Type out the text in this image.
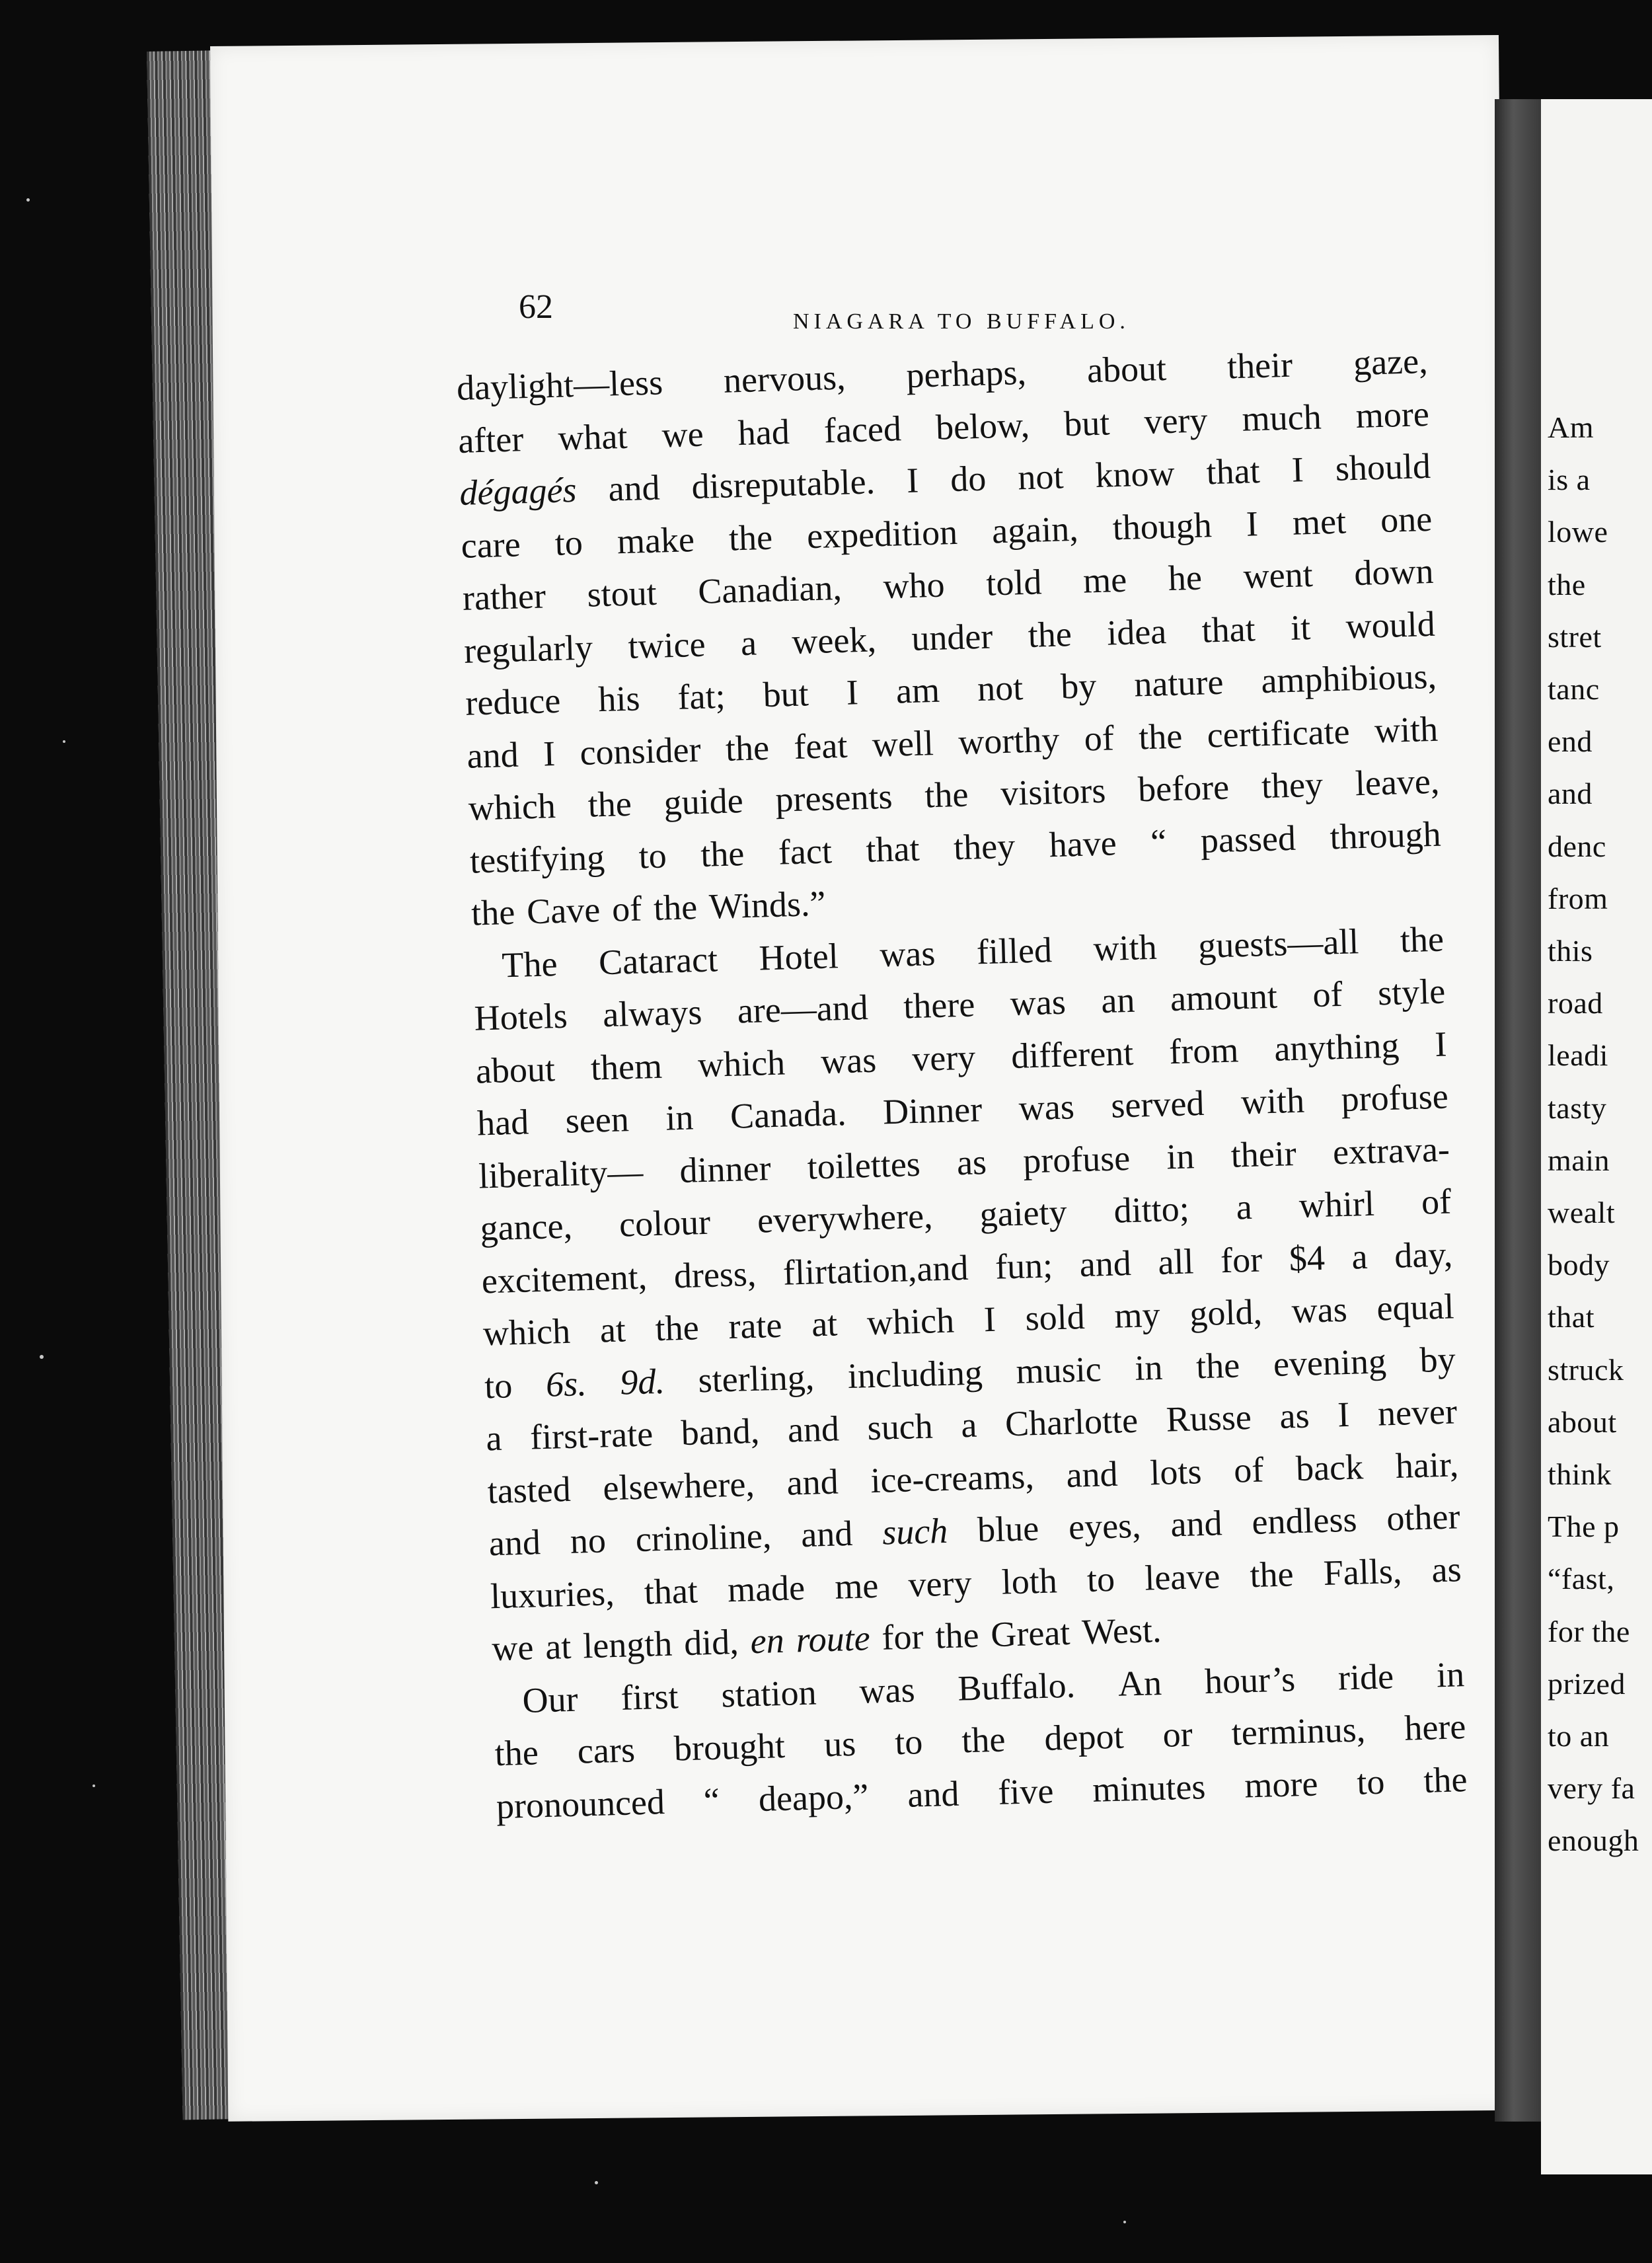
Am
is a
lowe
the
stret
tanc
end
and
denc
from
this
road
leadi
tasty
main
wealt
body
that
struck
about
think
The p
“fast,
for the
prized
to an
very fa
enough
62	NIAGARA TO BUFFALO.
daylight—less nervous, perhaps, about their gaze,
after what we had faced below, but very much more
dégagés and disreputable. I do not know that I should
care to make the expedition again, though I met one
rather stout Canadian, who told me he went down
regularly twice a week, under the idea that it would
reduce his fat; but I am not by nature amphibious,
and I consider the feat well worthy of the certificate with
which the guide presents the visitors before they leave,
testifying to the fact that they have “ passed through
the Cave of the Winds.”
The Cataract Hotel was filled with guests—all the
Hotels always are—and there was an amount of style
about them which was very different from anything I
had seen in Canada. Dinner was served with profuse
liberality— dinner toilettes as profuse in their extrava-
gance, colour everywhere, gaiety ditto; a whirl of
excitement, dress, flirtation,and fun; and all for $4 a day,
which at the rate at which I sold my gold, was equal
to 6s. 9d. sterling, including music in the evening by
a first-rate band, and such a Charlotte Russe as I never
tasted elsewhere, and ice-creams, and lots of back hair,
and no crinoline, and such blue eyes, and endless other
luxuries, that made me very loth to leave the Falls, as
we at length did, en route for the Great West.
Our first station was Buffalo. An hour’s ride in
the cars brought us to the depot or terminus, here
pronounced “ deapo,” and five minutes more to the
